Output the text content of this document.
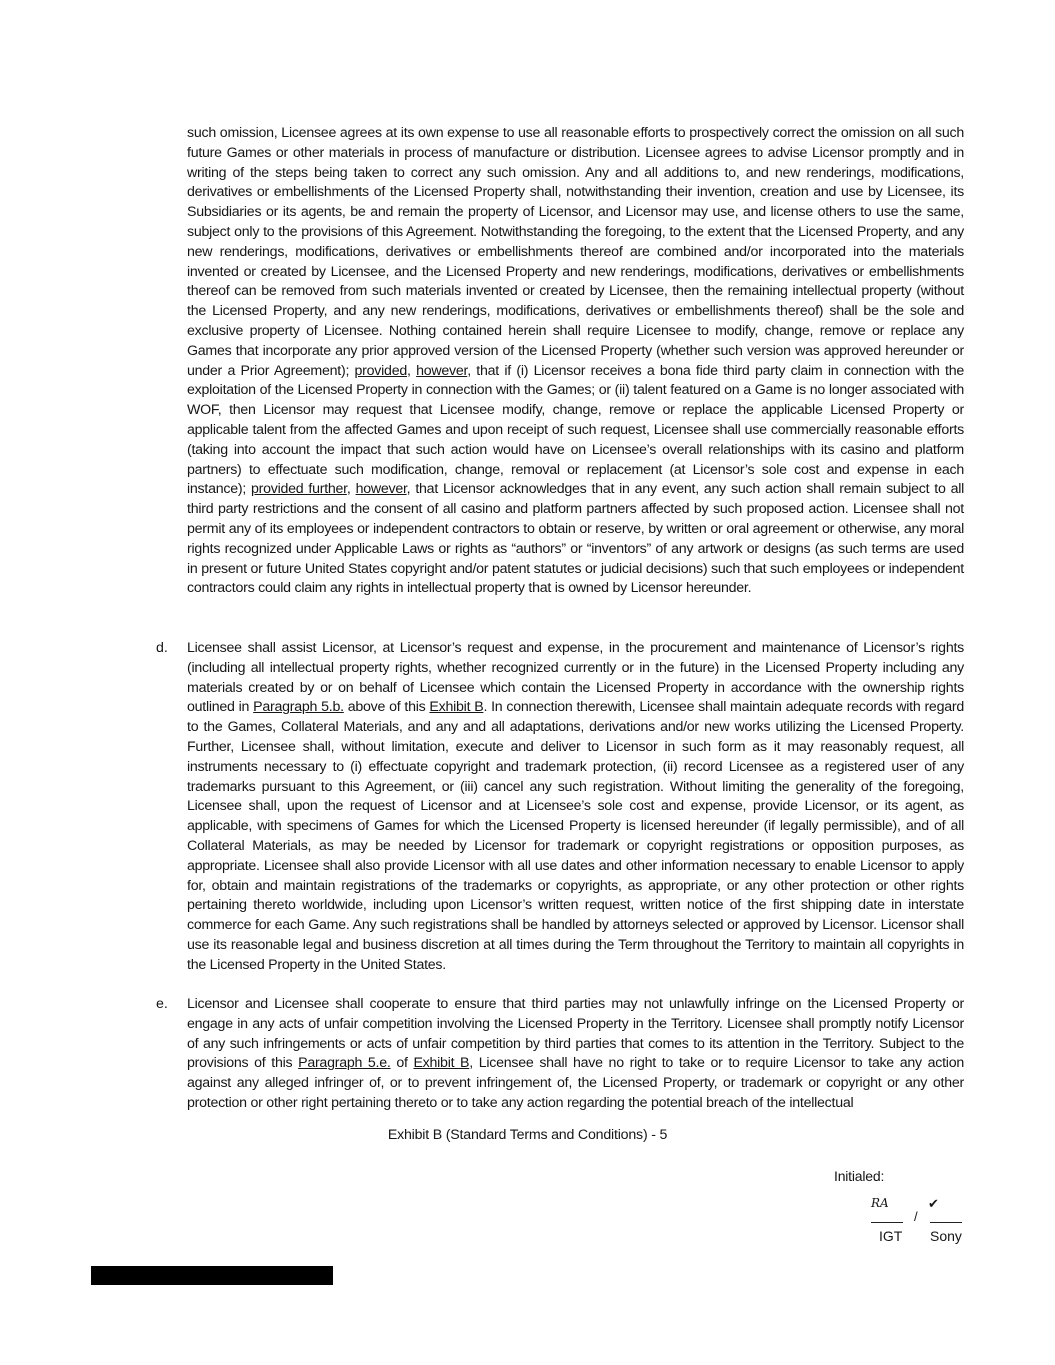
such omission, Licensee agrees at its own expense to use all reasonable efforts to prospectively correct the omission on all such future Games or other materials in process of manufacture or distribution. Licensee agrees to advise Licensor promptly and in writing of the steps being taken to correct any such omission. Any and all additions to, and new renderings, modifications, derivatives or embellishments of the Licensed Property shall, notwithstanding their invention, creation and use by Licensee, its Subsidiaries or its agents, be and remain the property of Licensor, and Licensor may use, and license others to use the same, subject only to the provisions of this Agreement. Notwithstanding the foregoing, to the extent that the Licensed Property, and any new renderings, modifications, derivatives or embellishments thereof are combined and/or incorporated into the materials invented or created by Licensee, and the Licensed Property and new renderings, modifications, derivatives or embellishments thereof can be removed from such materials invented or created by Licensee, then the remaining intellectual property (without the Licensed Property, and any new renderings, modifications, derivatives or embellishments thereof) shall be the sole and exclusive property of Licensee. Nothing contained herein shall require Licensee to modify, change, remove or replace any Games that incorporate any prior approved version of the Licensed Property (whether such version was approved hereunder or under a Prior Agreement); provided, however, that if (i) Licensor receives a bona fide third party claim in connection with the exploitation of the Licensed Property in connection with the Games; or (ii) talent featured on a Game is no longer associated with WOF, then Licensor may request that Licensee modify, change, remove or replace the applicable Licensed Property or applicable talent from the affected Games and upon receipt of such request, Licensee shall use commercially reasonable efforts (taking into account the impact that such action would have on Licensee’s overall relationships with its casino and platform partners) to effectuate such modification, change, removal or replacement (at Licensor’s sole cost and expense in each instance); provided further, however, that Licensor acknowledges that in any event, any such action shall remain subject to all third party restrictions and the consent of all casino and platform partners affected by such proposed action. Licensee shall not permit any of its employees or independent contractors to obtain or reserve, by written or oral agreement or otherwise, any moral rights recognized under Applicable Laws or rights as “authors” or “inventors” of any artwork or designs (as such terms are used in present or future United States copyright and/or patent statutes or judicial decisions) such that such employees or independent contractors could claim any rights in intellectual property that is owned by Licensor hereunder.

d. Licensee shall assist Licensor, at Licensor’s request and expense, in the procurement and maintenance of Licensor’s rights (including all intellectual property rights, whether recognized currently or in the future) in the Licensed Property including any materials created by or on behalf of Licensee which contain the Licensed Property in accordance with the ownership rights outlined in Paragraph 5.b. above of this Exhibit B. In connection therewith, Licensee shall maintain adequate records with regard to the Games, Collateral Materials, and any and all adaptations, derivations and/or new works utilizing the Licensed Property. Further, Licensee shall, without limitation, execute and deliver to Licensor in such form as it may reasonably request, all instruments necessary to (i) effectuate copyright and trademark protection, (ii) record Licensee as a registered user of any trademarks pursuant to this Agreement, or (iii) cancel any such registration. Without limiting the generality of the foregoing, Licensee shall, upon the request of Licensor and at Licensee’s sole cost and expense, provide Licensor, or its agent, as applicable, with specimens of Games for which the Licensed Property is licensed hereunder (if legally permissible), and of all Collateral Materials, as may be needed by Licensor for trademark or copyright registrations or opposition purposes, as appropriate. Licensee shall also provide Licensor with all use dates and other information necessary to enable Licensor to apply for, obtain and maintain registrations of the trademarks or copyrights, as appropriate, or any other protection or other rights pertaining thereto worldwide, including upon Licensor’s written request, written notice of the first shipping date in interstate commerce for each Game. Any such registrations shall be handled by attorneys selected or approved by Licensor. Licensor shall use its reasonable legal and business discretion at all times during the Term throughout the Territory to maintain all copyrights in the Licensed Property in the United States.

e. Licensor and Licensee shall cooperate to ensure that third parties may not unlawfully infringe on the Licensed Property or engage in any acts of unfair competition involving the Licensed Property in the Territory. Licensee shall promptly notify Licensor of any such infringements or acts of unfair competition by third parties that comes to its attention in the Territory. Subject to the provisions of this Paragraph 5.e. of Exhibit B, Licensee shall have no right to take or to require Licensor to take any action against any alleged infringer of, or to prevent infringement of, the Licensed Property, or trademark or copyright or any other protection or other right pertaining thereto or to take any action regarding the potential breach of the intellectual

Exhibit B (Standard Terms and Conditions) - 5
Initialed:
RA	✔
/
IGT Sony
